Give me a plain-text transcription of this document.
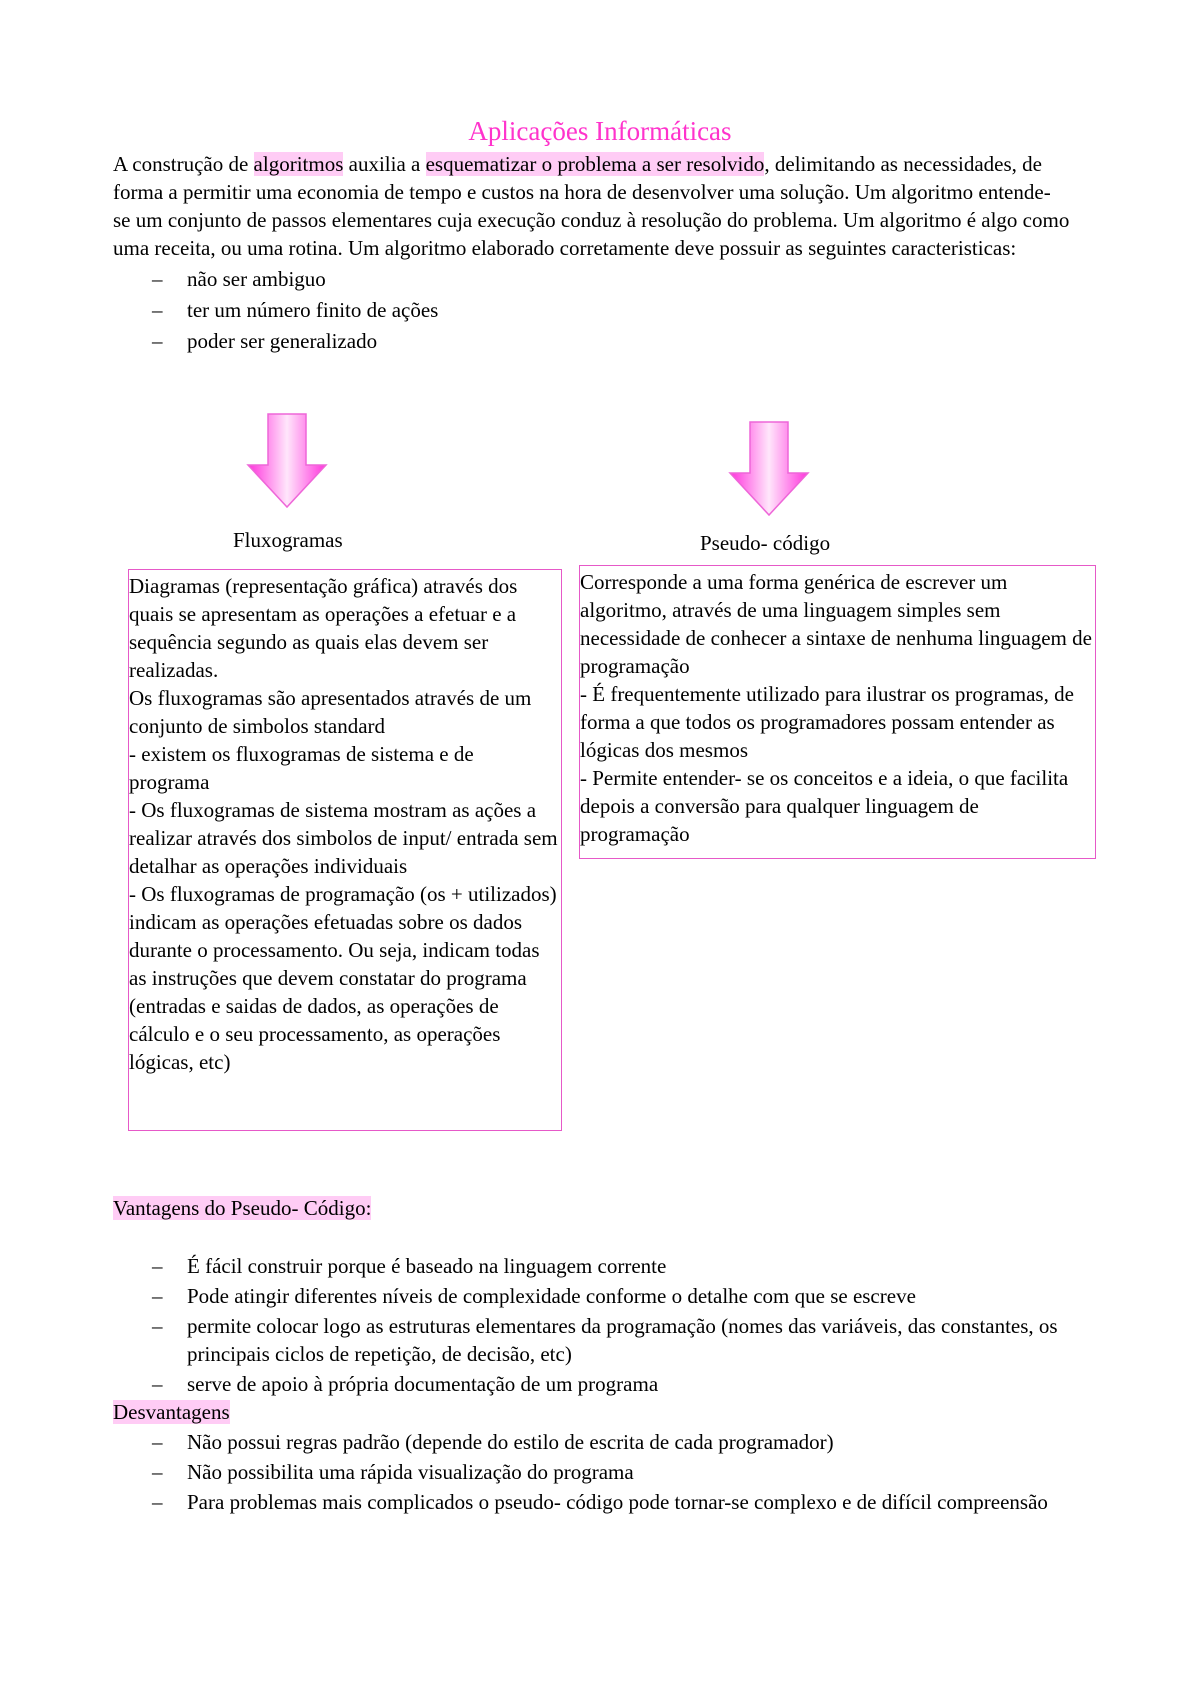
Aplicações Informáticas
A construção de algoritmos auxilia a esquematizar o problema a ser resolvido, delimitando as necessidades, de forma a permitir uma economia de tempo e custos na hora de desenvolver uma solução. Um algoritmo entende- se um conjunto de passos elementares cuja execução conduz à resolução do problema. Um algoritmo é algo como uma receita, ou uma rotina. Um algoritmo elaborado corretamente deve possuir as seguintes caracteristicas:
– não ser ambiguo
– ter um número finito de ações
– poder ser generalizado
Fluxogramas	Pseudo- código

Diagramas (representação gráfica) através dos quais se apresentam as operações a efetuar e a sequência segundo as quais elas devem ser realizadas.

Os fluxogramas são apresentados através de um conjunto de simbolos standard

- existem os fluxogramas de sistema e de programa

- Os fluxogramas de sistema mostram as ações a realizar através dos simbolos de input/ entrada sem detalhar as operações individuais

- Os fluxogramas de programação (os + utilizados) indicam as operações efetuadas sobre os dados durante o processamento. Ou seja, indicam todas as instruções que devem constatar do programa (entradas e saidas de dados, as operações de cálculo e o seu processamento, as operações lógicas, etc)

Corresponde a uma forma genérica de escrever um algoritmo, através de uma linguagem simples sem necessidade de conhecer a sintaxe de nenhuma linguagem de programação

- É frequentemente utilizado para ilustrar os programas, de forma a que todos os programadores possam entender as lógicas dos mesmos

- Permite entender- se os conceitos e a ideia, o que facilita depois a conversão para qualquer linguagem de programação

Vantagens do Pseudo- Código:
– É fácil construir porque é baseado na linguagem corrente
– Pode atingir diferentes níveis de complexidade conforme o detalhe com que se escreve
– permite colocar logo as estruturas elementares da programação (nomes das variáveis, das constantes, os principais ciclos de repetição, de decisão, etc)
– serve de apoio à própria documentação de um programa
Desvantagens
– Não possui regras padrão (depende do estilo de escrita de cada programador)
– Não possibilita uma rápida visualização do programa
– Para problemas mais complicados o pseudo- código pode tornar-se complexo e de difícil compreensão
